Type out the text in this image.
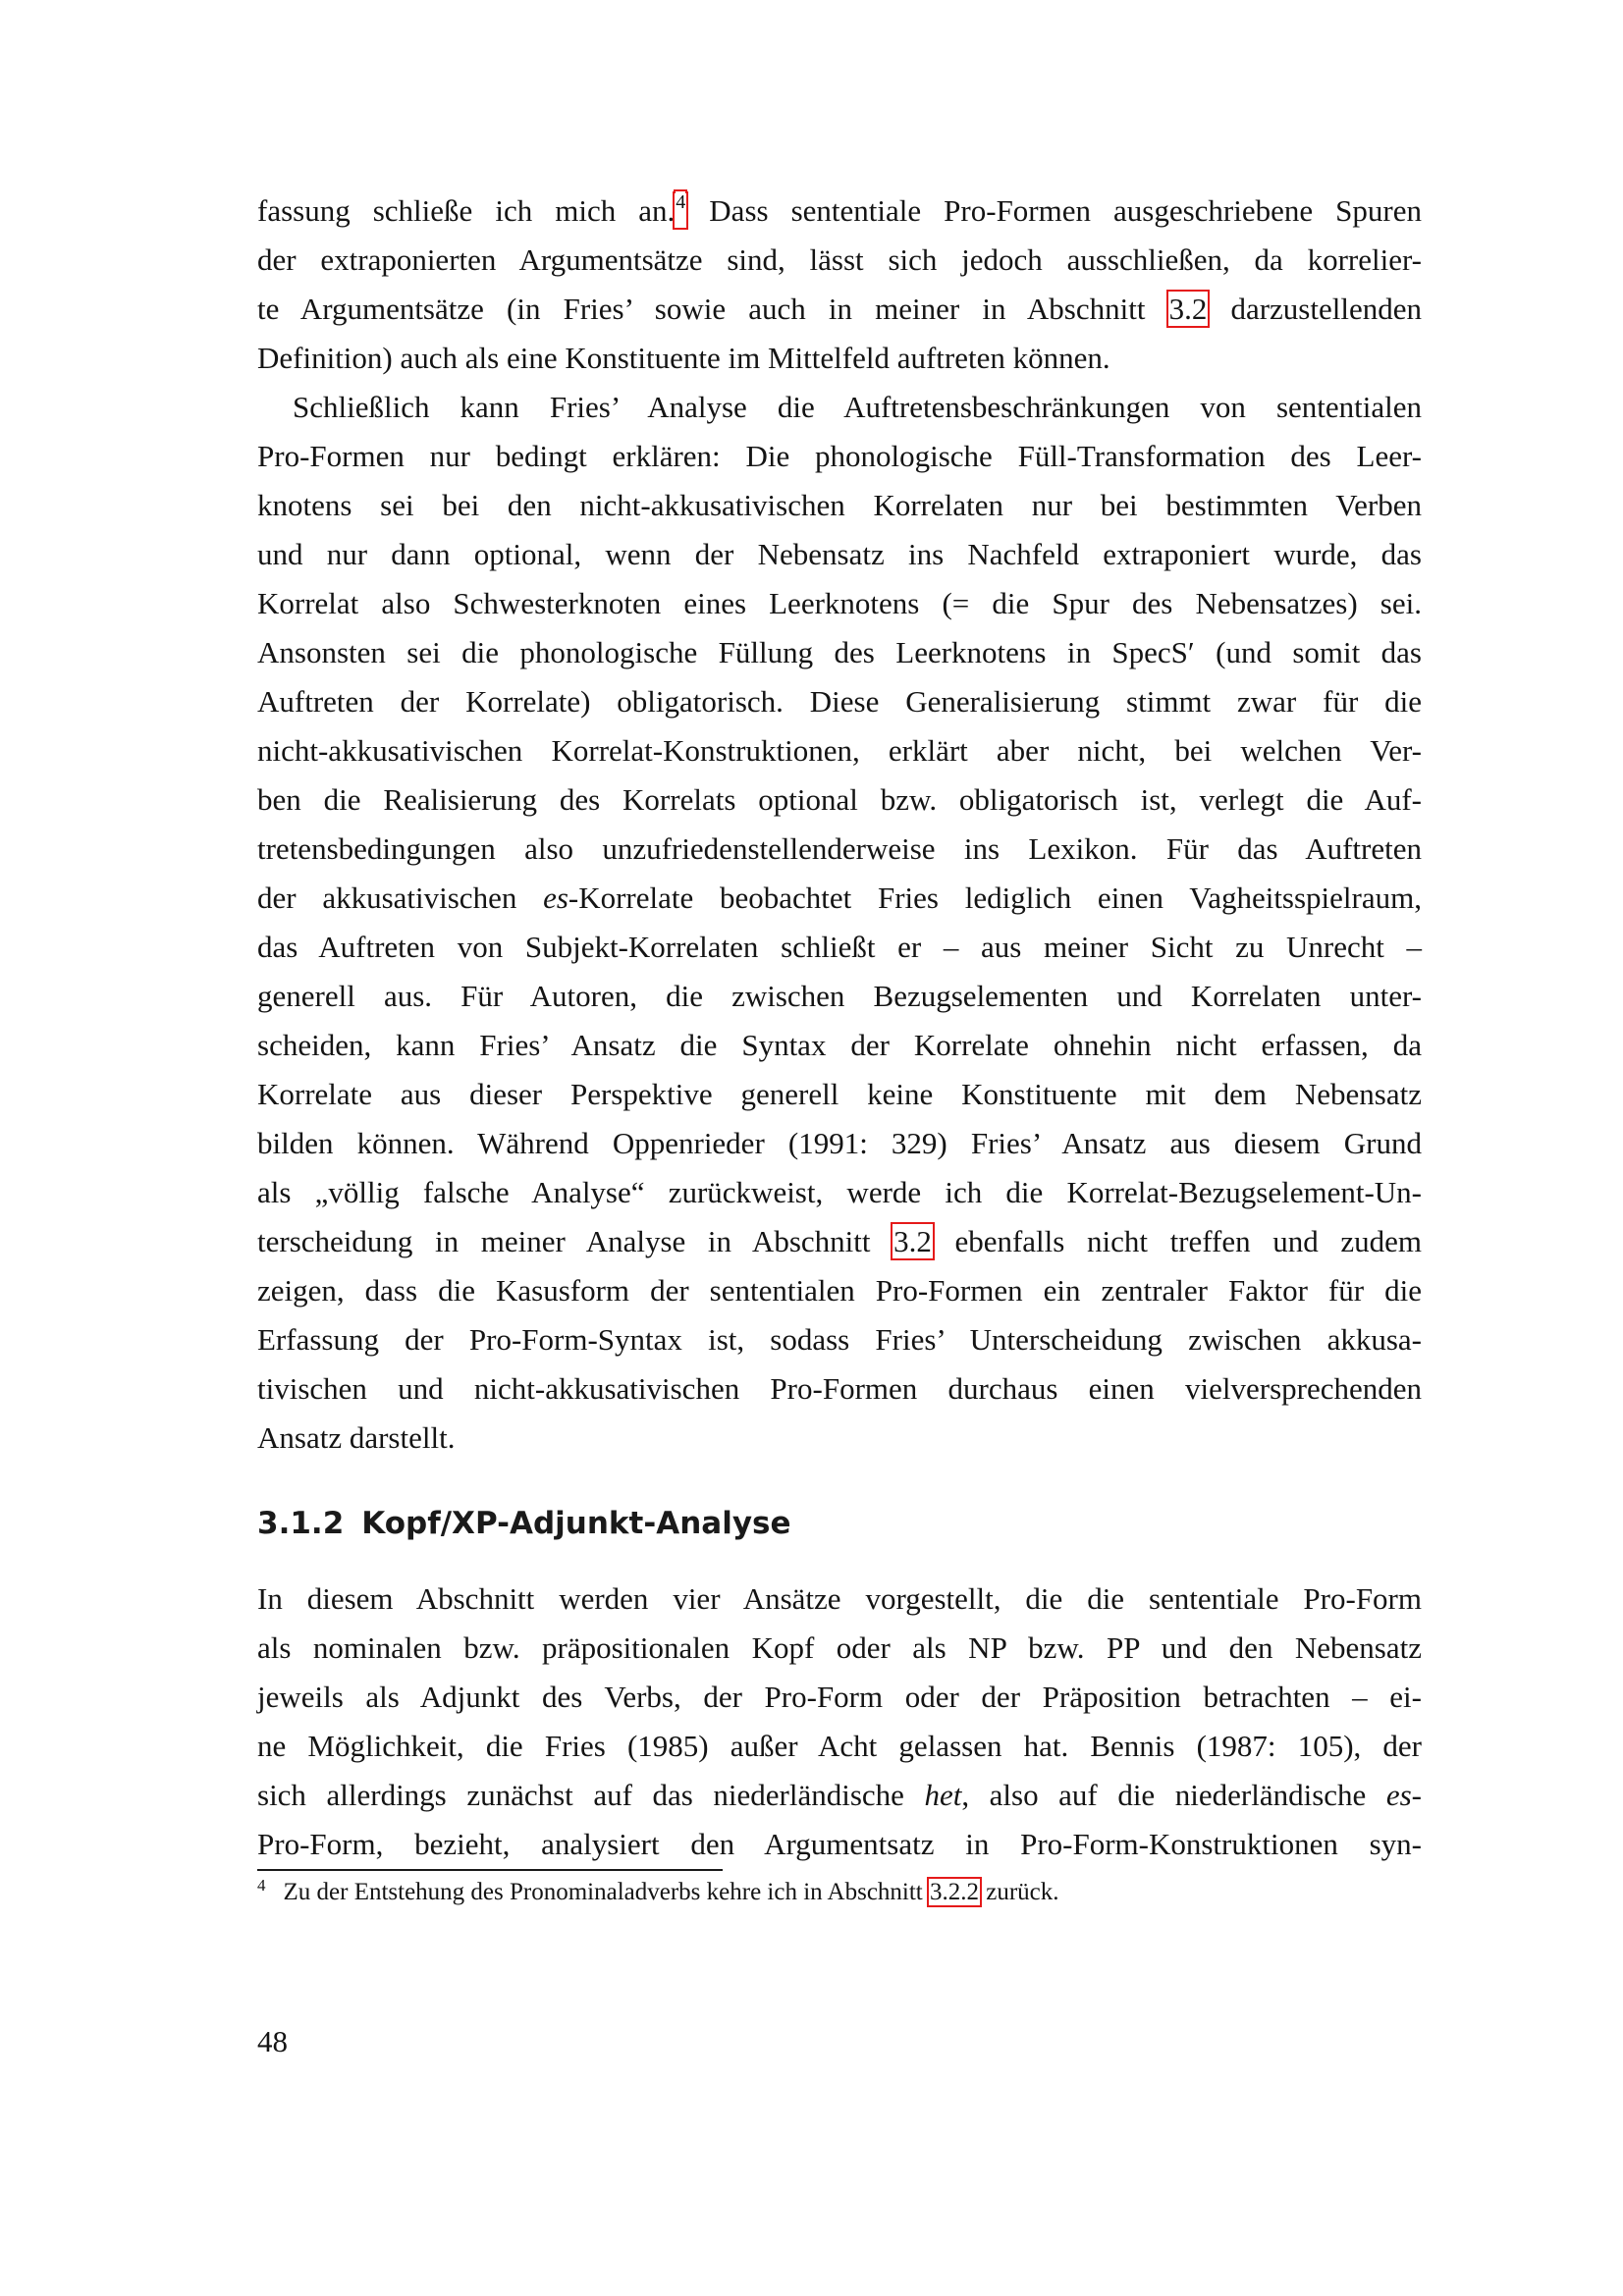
fassung schließe ich mich an.$^4$ Dass sententiale Pro-Formen ausgeschriebene Spuren
der extraponierten Argumentsätze sind, lässt sich jedoch ausschließen, da korrelier-
te Argumentsätze (in Fries’ sowie auch in meiner in Abschnitt 3.2 darzustellenden
Definition) auch als eine Konstituente im Mittelfeld auftreten können.
Schließlich kann Fries’ Analyse die Auftretensbeschränkungen von sententialen
Pro-Formen nur bedingt erklären: Die phonologische Füll-Transformation des Leer-
knotens sei bei den nicht-akkusativischen Korrelaten nur bei bestimmten Verben
und nur dann optional, wenn der Nebensatz ins Nachfeld extraponiert wurde, das
Korrelat also Schwesterknoten eines Leerknotens (= die Spur des Nebensatzes) sei.
Ansonsten sei die phonologische Füllung des Leerknotens in SpecS′ (und somit das
Auftreten der Korrelate) obligatorisch. Diese Generalisierung stimmt zwar für die
nicht-akkusativischen Korrelat-Konstruktionen, erklärt aber nicht, bei welchen Ver-
ben die Realisierung des Korrelats optional bzw. obligatorisch ist, verlegt die Auf-
tretensbedingungen also unzufriedenstellenderweise ins Lexikon. Für das Auftreten
der akkusativischen es-Korrelate beobachtet Fries lediglich einen Vagheitsspielraum,
das Auftreten von Subjekt-Korrelaten schließt er – aus meiner Sicht zu Unrecht –
generell aus. Für Autoren, die zwischen Bezugselementen und Korrelaten unter-
scheiden, kann Fries’ Ansatz die Syntax der Korrelate ohnehin nicht erfassen, da
Korrelate aus dieser Perspektive generell keine Konstituente mit dem Nebensatz
bilden können. Während Oppenrieder (1991: 329) Fries’ Ansatz aus diesem Grund
als „völlig falsche Analyse“ zurückweist, werde ich die Korrelat-Bezugselement-Un-
terscheidung in meiner Analyse in Abschnitt 3.2 ebenfalls nicht treffen und zudem
zeigen, dass die Kasusform der sententialen Pro-Formen ein zentraler Faktor für die
Erfassung der Pro-Form-Syntax ist, sodass Fries’ Unterscheidung zwischen akkusa-
tivischen und nicht-akkusativischen Pro-Formen durchaus einen vielversprechenden
Ansatz darstellt.
3.1.2 Kopf/XP-Adjunkt-Analyse
In diesem Abschnitt werden vier Ansätze vorgestellt, die die sententiale Pro-Form
als nominalen bzw. präpositionalen Kopf oder als NP bzw. PP und den Nebensatz
jeweils als Adjunkt des Verbs, der Pro-Form oder der Präposition betrachten – ei-
ne Möglichkeit, die Fries (1985) außer Acht gelassen hat. Bennis (1987: 105), der
sich allerdings zunächst auf das niederländische het, also auf die niederländische es-
Pro-Form, bezieht, analysiert den Argumentsatz in Pro-Form-Konstruktionen syn-
$^4$ Zu der Entstehung des Pronominaladverbs kehre ich in Abschnitt 3.2.2 zurück.
48
